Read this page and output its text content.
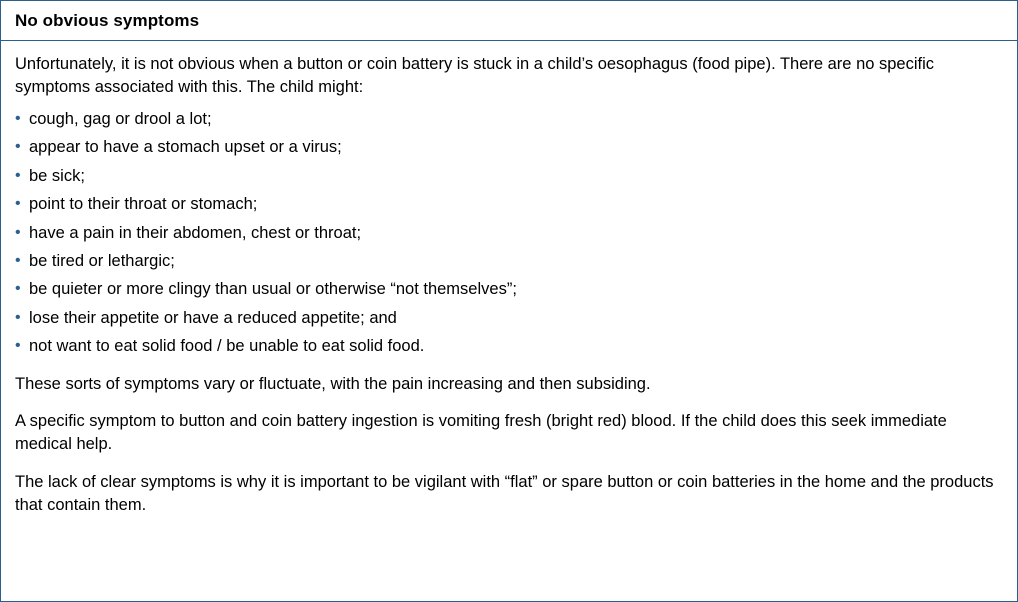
No obvious symptoms

Unfortunately, it is not obvious when a button or coin battery is stuck in a child’s oesophagus (food pipe). There are no specific symptoms associated with this. The child might:

• cough, gag or drool a lot;
• appear to have a stomach upset or a virus;
• be sick;
• point to their throat or stomach;
• have a pain in their abdomen, chest or throat;
• be tired or lethargic;
• be quieter or more clingy than usual or otherwise “not themselves”;
• lose their appetite or have a reduced appetite; and
• not want to eat solid food / be unable to eat solid food.

These sorts of symptoms vary or fluctuate, with the pain increasing and then subsiding.

A specific symptom to button and coin battery ingestion is vomiting fresh (bright red) blood. If the child does this seek immediate medical help.

The lack of clear symptoms is why it is important to be vigilant with “flat” or spare button or coin batteries in the home and the products that contain them.
